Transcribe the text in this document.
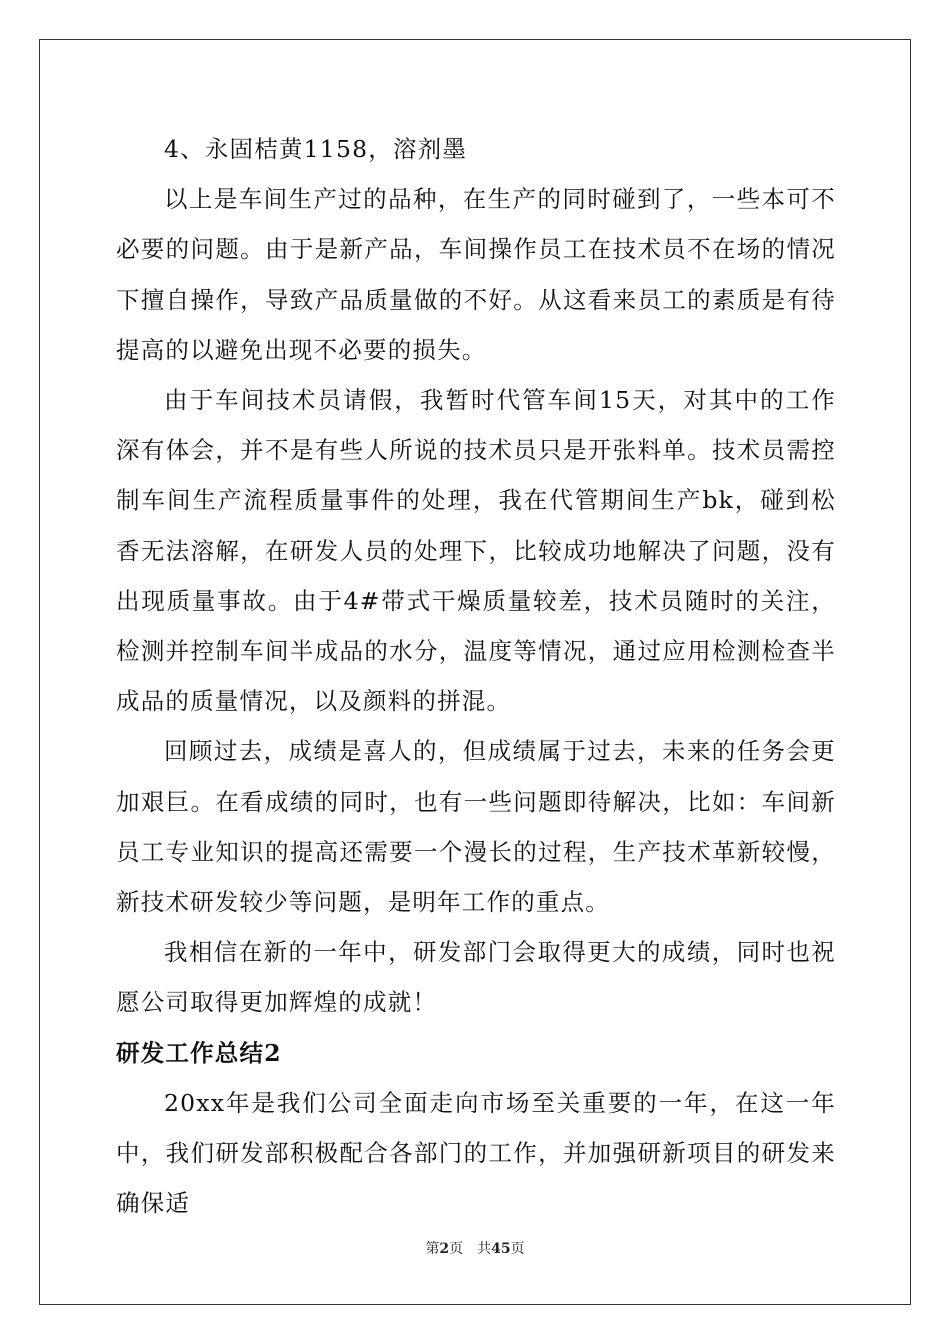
4、永固桔黄1158，溶剂墨

以上是车间生产过的品种，在生产的同时碰到了，一些本可不必要的问题。由于是新产品，车间操作员工在技术员不在场的情况下擅自操作，导致产品质量做的不好。从这看来员工的素质是有待提高的以避免出现不必要的损失。

由于车间技术员请假，我暂时代管车间15天，对其中的工作深有体会，并不是有些人所说的技术员只是开张料单。技术员需控制车间生产流程质量事件的处理，我在代管期间生产bk，碰到松香无法溶解，在研发人员的处理下，比较成功地解决了问题，没有出现质量事故。由于4#带式干燥质量较差，技术员随时的关注，检测并控制车间半成品的水分，温度等情况，通过应用检测检查半成品的质量情况，以及颜料的拼混。

回顾过去，成绩是喜人的，但成绩属于过去，未来的任务会更加艰巨。在看成绩的同时，也有一些问题即待解决，比如：车间新员工专业知识的提高还需要一个漫长的过程，生产技术革新较慢，新技术研发较少等问题，是明年工作的重点。

我相信在新的一年中，研发部门会取得更大的成绩，同时也祝愿公司取得更加辉煌的成就！

研发工作总结2

20xx年是我们公司全面走向市场至关重要的一年，在这一年中，我们研发部积极配合各部门的工作，并加强研新项目的研发来确保适

第2页 共45页
